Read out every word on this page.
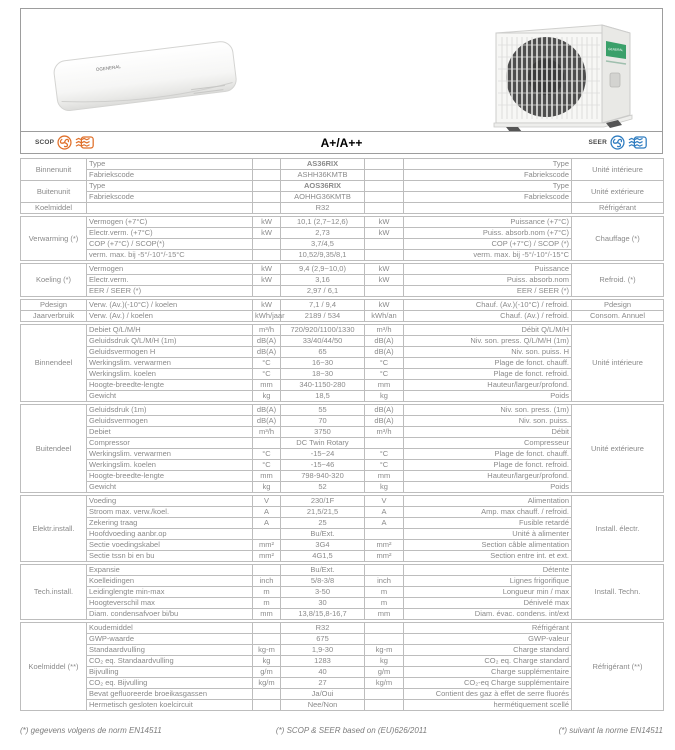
OGENERAL
GENERAL
SCOP	A+/A++	SEER
Binnenunit	Type		AS36RIX		Type	Unité intérieure
	Fabriekscode		ASHH36KMTB		Fabriekscode	
Buitenunit	Type		AOS36RIX		Type	Unité extérieure
	Fabriekscode		AOHHG36KMTB		Fabriekscode	
Koelmiddel			R32			Réfrigérant
Verwarming (*)	Vermogen (+7°C)	kW	10,1 (2,7~12,6)	kW	Puissance (+7°C)	Chauffage (*)
	Electr.verm. (+7°C)	kW	2,73	kW	Puiss. absorb.nom (+7°C)	
	COP (+7°C) / SCOP(*)		3,7/4,5		COP (+7°C) / SCOP (*)	
	verm. max. bij -5°/-10°/-15°C		10,52/9,35/8,1		verm. max. bij -5°/-10°/-15°C	
Koeling (*)	Vermogen	kW	9,4 (2,9~10,0)	kW	Puissance	Refroid. (*)
	Electr.verm.	kW	3,16	kW	Puiss. absorb.nom	
	EER / SEER (*)		2,97 / 6,1		EER / SEER (*)	
Pdesign	Verw. (Av.)(-10°C) / koelen	kW	7,1 / 9,4	kW	Chauf. (Av.)(-10°C) / refroid.	Pdesign
Jaarverbruik	Verw. (Av.) / koelen	kWh/jaar	2189 / 534	kWh/an	Chauf. (Av.) / refroid.	Consom. Annuel
Binnendeel	Debiet Q/L/M/H	m³/h	720/920/1100/1330	m³/h	Débit Q/L/M/H	Unité intérieure
	Geluidsdruk Q/L/M/H (1m)	dB(A)	33/40/44/50	dB(A)	Niv. son. press. Q/L/M/H (1m)	
	Geluidsvermogen H	dB(A)	65	dB(A)	Niv. son. puiss. H	
	Werkingslim. verwarmen	°C	16~30	°C	Plage de fonct. chauff.	
	Werkingslim. koelen	°C	18~30	°C	Plage de fonct. refroid.	
	Hoogte-breedte-lengte	mm	340-1150-280	mm	Hauteur/largeur/profond.	
	Gewicht	kg	18,5	kg	Poids	
Buitendeel	Geluidsdruk (1m)	dB(A)	55	dB(A)	Niv. son. press. (1m)	Unité extérieure
	Geluidsvermogen	dB(A)	70	dB(A)	Niv. son. puiss.	
	Debiet	m³/h	3750	m³/h	Débit	
	Compressor		DC Twin Rotary		Compresseur	
	Werkingslim. verwarmen	°C	-15~24	°C	Plage de fonct. chauff.	
	Werkingslim. koelen	°C	-15~46	°C	Plage de fonct. refroid.	
	Hoogte-breedte-lengte	mm	798-940-320	mm	Hauteur/largeur/profond.	
	Gewicht	kg	52	kg	Poids	
Elektr.install.	Voeding	V	230/1F	V	Alimentation	Install. électr.
	Stroom max. verw./koel.	A	21,5/21,5	A	Amp. max chauff. / refroid.	
	Zekering traag	A	25	A	Fusible retardé	
	Hoofdvoeding aanbr.op		Bu/Ext.		Unité à alimenter	
	Sectie voedingskabel	mm²	3G4	mm²	Section câble alimentation	
	Sectie tssn bi en bu	mm²	4G1,5	mm²	Section entre int. et ext.	
Tech.install.	Expansie		Bu/Ext.		Détente	Install. Techn.
	Koelleidingen	inch	5/8-3/8	inch	Lignes frigorifique	
	Leidinglengte min-max	m	3-50	m	Longueur min / max	
	Hoogteverschil max	m	30	m	Dénivelé max	
	Diam. condensafvoer bi/bu	mm	13,8/15,8-16,7	mm	Diam. évac. condens. int/ext	
Koelmiddel (**)	Koudemiddel		R32		Réfrigérant	Réfrigérant (**)
	GWP-waarde		675		GWP-valeur	
	Standaardvulling	kg-m	1,9-30	kg-m	Charge standard	
	CO₂ eq. Standaardvulling	kg	1283	kg	CO₂ eq. Charge standard	
	Bijvulling	g/m	40	g/m	Charge supplémentaire	
	CO₂ eq. Bijvulling	kg/m	27	kg/m	CO₂-eq Charge supplémentaire	
	Bevat gefluoreerde broeikasgassen		Ja/Oui		Contient des gaz à effet de serre fluorés	
	Hermetisch gesloten koelcircuit		Nee/Non		hermétiquement scellé	
(*) gegevens volgens de norm EN14511	(*) SCOP & SEER based on (EU)626/2011	(*) suivant la norme EN14511
